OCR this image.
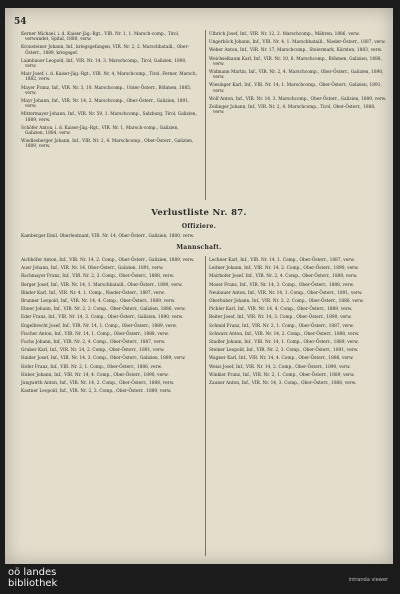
54
Kerner Michael, i. d. Kaiser-Jäg.-Rgt., VIR. Nr. 1, 1. Marsch-comp., Tirol, verwundet, Spital, 1880, verw.
Kronsteiner Johann, Inf., kriegsgefangen, VIR. Nr. 2, 2. Marschbataill., Ober-Österr., 1889, kriegsgef.
Laimbauer Leopold, Inf., VIR. Nr. 14, 3. Marschcomp., Tirol, Galizien, 1890, verw.
Mair Josef, i. d. Kaiser-Jäg.-Rgt., VIR. Nr. 4, Marschcomp., Tirol, Ferner, Marsch, 1882, verw.
Mayer Franz, Inf., VIR. Nr. 3, 10. Marschcomp., Unter-Österr., Böhmen, 1885, verw.
Mayr Johann, Inf., VIR. Nr. 14, 2. Marschcomp., Ober-Österr., Galizien, 1891, verw.
Mittermayer Johann, Inf., VIR. Nr. 59, 1. Marschcomp., Salzburg, Tirol, Galizien, 1889, verw.
Schöfer Anton, i. d. Kaiser-Jäg.-Rgt., VIR. Nr. 1, Marsch-comp., Galizien, Galizien, 1884, verw.
Wiedlesberger Johann, Inf., VIR. Nr. 2, 4. Marschcomp., Ober-Österr., Galizien, 1889, verw.
Ulbrich Josef, Inf., VIR. Nr. 12, 2. Marschcomp., Mähren, 1886, verw.
Ungerböck Johann, Inf., VIR. Nr. 4, 1. Marschbataill., Nieder-Österr., 1887, verw.
Weber Anton, Inf., VIR. Nr. 17, Marschcomp., Steiermark, Kärnten, 1883, verw.
Weichselbaum Karl, Inf., VIR. Nr. 10, 6. Marschcomp., Böhmen, Galizien, 1888, verw.
Widmann Martin, Inf., VIR. Nr. 2, 4. Marschcomp., Ober-Österr., Galizien, 1890, verw.
Wiesinger Karl, Inf., VIR. Nr. 14, 1. Marschcomp., Ober-Österr., Galizien, 1891, verw.
Wolf Anton, Inf., VIR. Nr. 14, 3. Marschcomp., Ober-Österr., Galizien, 1889, verw.
Zeilinger Johann, Inf., VIR. Nr. 2, 4. Marschcomp., Tirol, Ober-Österr., 1888, verw.
Verlustliste Nr. 87.
Offiziere.
Kamberger Emil, Oberleutnant, VIR. Nr. 14, Ober-Österr., Galizien, 1880, verw.
Mannschaft.
Aichhöfer Anton, Inf., VIR. Nr. 14, 2. Comp., Ober-Österr., Galizien, 1889, verw.
Auer Johann, Inf., VIR. Nr. 14, Ober-Österr., Galizien, 1891, verw.
Bachmayer Franz, Inf., VIR. Nr. 2, 3. Comp., Ober-Österr., 1888, verw.
Berger Josef, Inf., VIR. Nr. 14, 1. Marschbataill., Ober-Österr., 1890, verw.
Binder Karl, Inf., VIR. Nr. 4, 1. Comp., Nieder-Österr., 1887, verw.
Brunner Leopold, Inf., VIR. Nr. 14, 4. Comp., Ober-Österr., 1889, verw.
Ebner Johann, Inf., VIR. Nr. 2, 2. Comp., Ober-Österr., Galizien, 1886, verw.
Eder Franz, Inf., VIR. Nr. 14, 3. Comp., Ober-Österr., Galizien, 1890, verw.
Engelbrecht Josef, Inf., VIR. Nr. 14, 1. Comp., Ober-Österr., 1889, verw.
Fischer Anton, Inf., VIR. Nr. 14, 1. Comp., Ober-Österr., 1888, verw.
Fuchs Johann, Inf., VIR. Nr. 2, 4. Comp., Ober-Österr., 1887, verw.
Gruber Karl, Inf., VIR. Nr. 14, 2. Comp., Ober-Österr., 1891, verw.
Haider Josef, Inf., VIR. Nr. 14, 3. Comp., Ober-Österr., Galizien, 1889, verw.
Hofer Franz, Inf., VIR. Nr. 2, 1. Comp., Ober-Österr., 1886, verw.
Huber Johann, Inf., VIR. Nr. 14, 4. Comp., Ober-Österr., 1890, verw.
Jungwirth Anton, Inf., VIR. Nr. 14, 2. Comp., Ober-Österr., 1888, verw.
Kastner Leopold, Inf., VIR. Nr. 2, 3. Comp., Ober-Österr., 1889, verw.
Lechner Karl, Inf., VIR. Nr. 14, 1. Comp., Ober-Österr., 1887, verw.
Leitner Johann, Inf., VIR. Nr. 14, 2. Comp., Ober-Österr., 1890, verw.
Mairhofer Josef, Inf., VIR. Nr. 2, 4. Comp., Ober-Österr., 1889, verw.
Moser Franz, Inf., VIR. Nr. 14, 3. Comp., Ober-Österr., 1888, verw.
Neubauer Anton, Inf., VIR. Nr. 14, 1. Comp., Ober-Österr., 1891, verw.
Oberhuber Johann, Inf., VIR. Nr. 2, 2. Comp., Ober-Österr., 1886, verw.
Pichler Karl, Inf., VIR. Nr. 14, 4. Comp., Ober-Österr., 1889, verw.
Reiter Josef, Inf., VIR. Nr. 14, 3. Comp., Ober-Österr., 1890, verw.
Schmid Franz, Inf., VIR. Nr. 2, 1. Comp., Ober-Österr., 1887, verw.
Schwarz Anton, Inf., VIR. Nr. 14, 2. Comp., Ober-Österr., 1888, verw.
Stadler Johann, Inf., VIR. Nr. 14, 1. Comp., Ober-Österr., 1889, verw.
Steiner Leopold, Inf., VIR. Nr. 2, 3. Comp., Ober-Österr., 1891, verw.
Wagner Karl, Inf., VIR. Nr. 14, 4. Comp., Ober-Österr., 1886, verw.
Weiss Josef, Inf., VIR. Nr. 14, 2. Comp., Ober-Österr., 1890, verw.
Winkler Franz, Inf., VIR. Nr. 2, 1. Comp., Ober-Österr., 1889, verw.
Zauner Anton, Inf., VIR. Nr. 14, 3. Comp., Ober-Österr., 1888, verw.
oö landes
bibliothek	intranda viewer
